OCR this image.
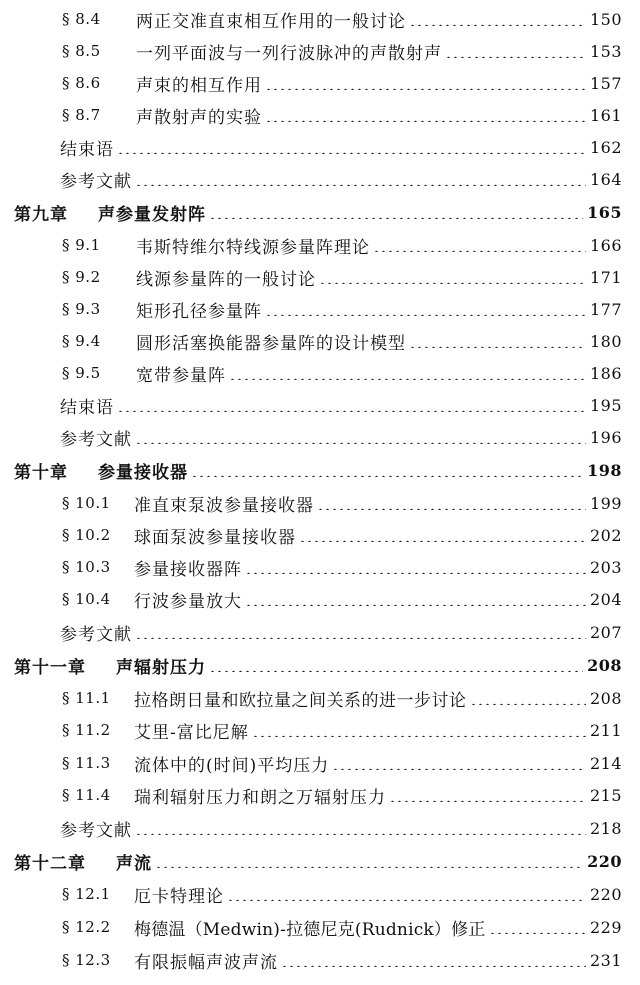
§ 8.4	两正交准直束相互作用的一般讨论	150
§ 8.5	一列平面波与一列行波脉冲的声散射声	153
§ 8.6	声束的相互作用	157
§ 8.7	声散射声的实验	161
结束语	162
参考文献	164
第九章 声参量发射阵	165
§ 9.1	韦斯特维尔特线源参量阵理论	166
§ 9.2	线源参量阵的一般讨论	171
§ 9.3	矩形孔径参量阵	177
§ 9.4	圆形活塞换能器参量阵的设计模型	180
§ 9.5	宽带参量阵	186
结束语	195
参考文献	196
第十章 参量接收器	198
§ 10.1	准直束泵波参量接收器	199
§ 10.2	球面泵波参量接收器	202
§ 10.3	参量接收器阵	203
§ 10.4	行波参量放大	204
参考文献	207
第十一章 声辐射压力	208
§ 11.1	拉格朗日量和欧拉量之间关系的进一步讨论	208
§ 11.2	艾里-富比尼解	211
§ 11.3	流体中的(时间)平均压力	214
§ 11.4	瑞利辐射压力和朗之万辐射压力	215
参考文献	218
第十二章 声流	220
§ 12.1	厄卡特理论	220
§ 12.2	梅德温（Medwin)-拉德尼克(Rudnick）修正	229
§ 12.3	有限振幅声波声流	231
